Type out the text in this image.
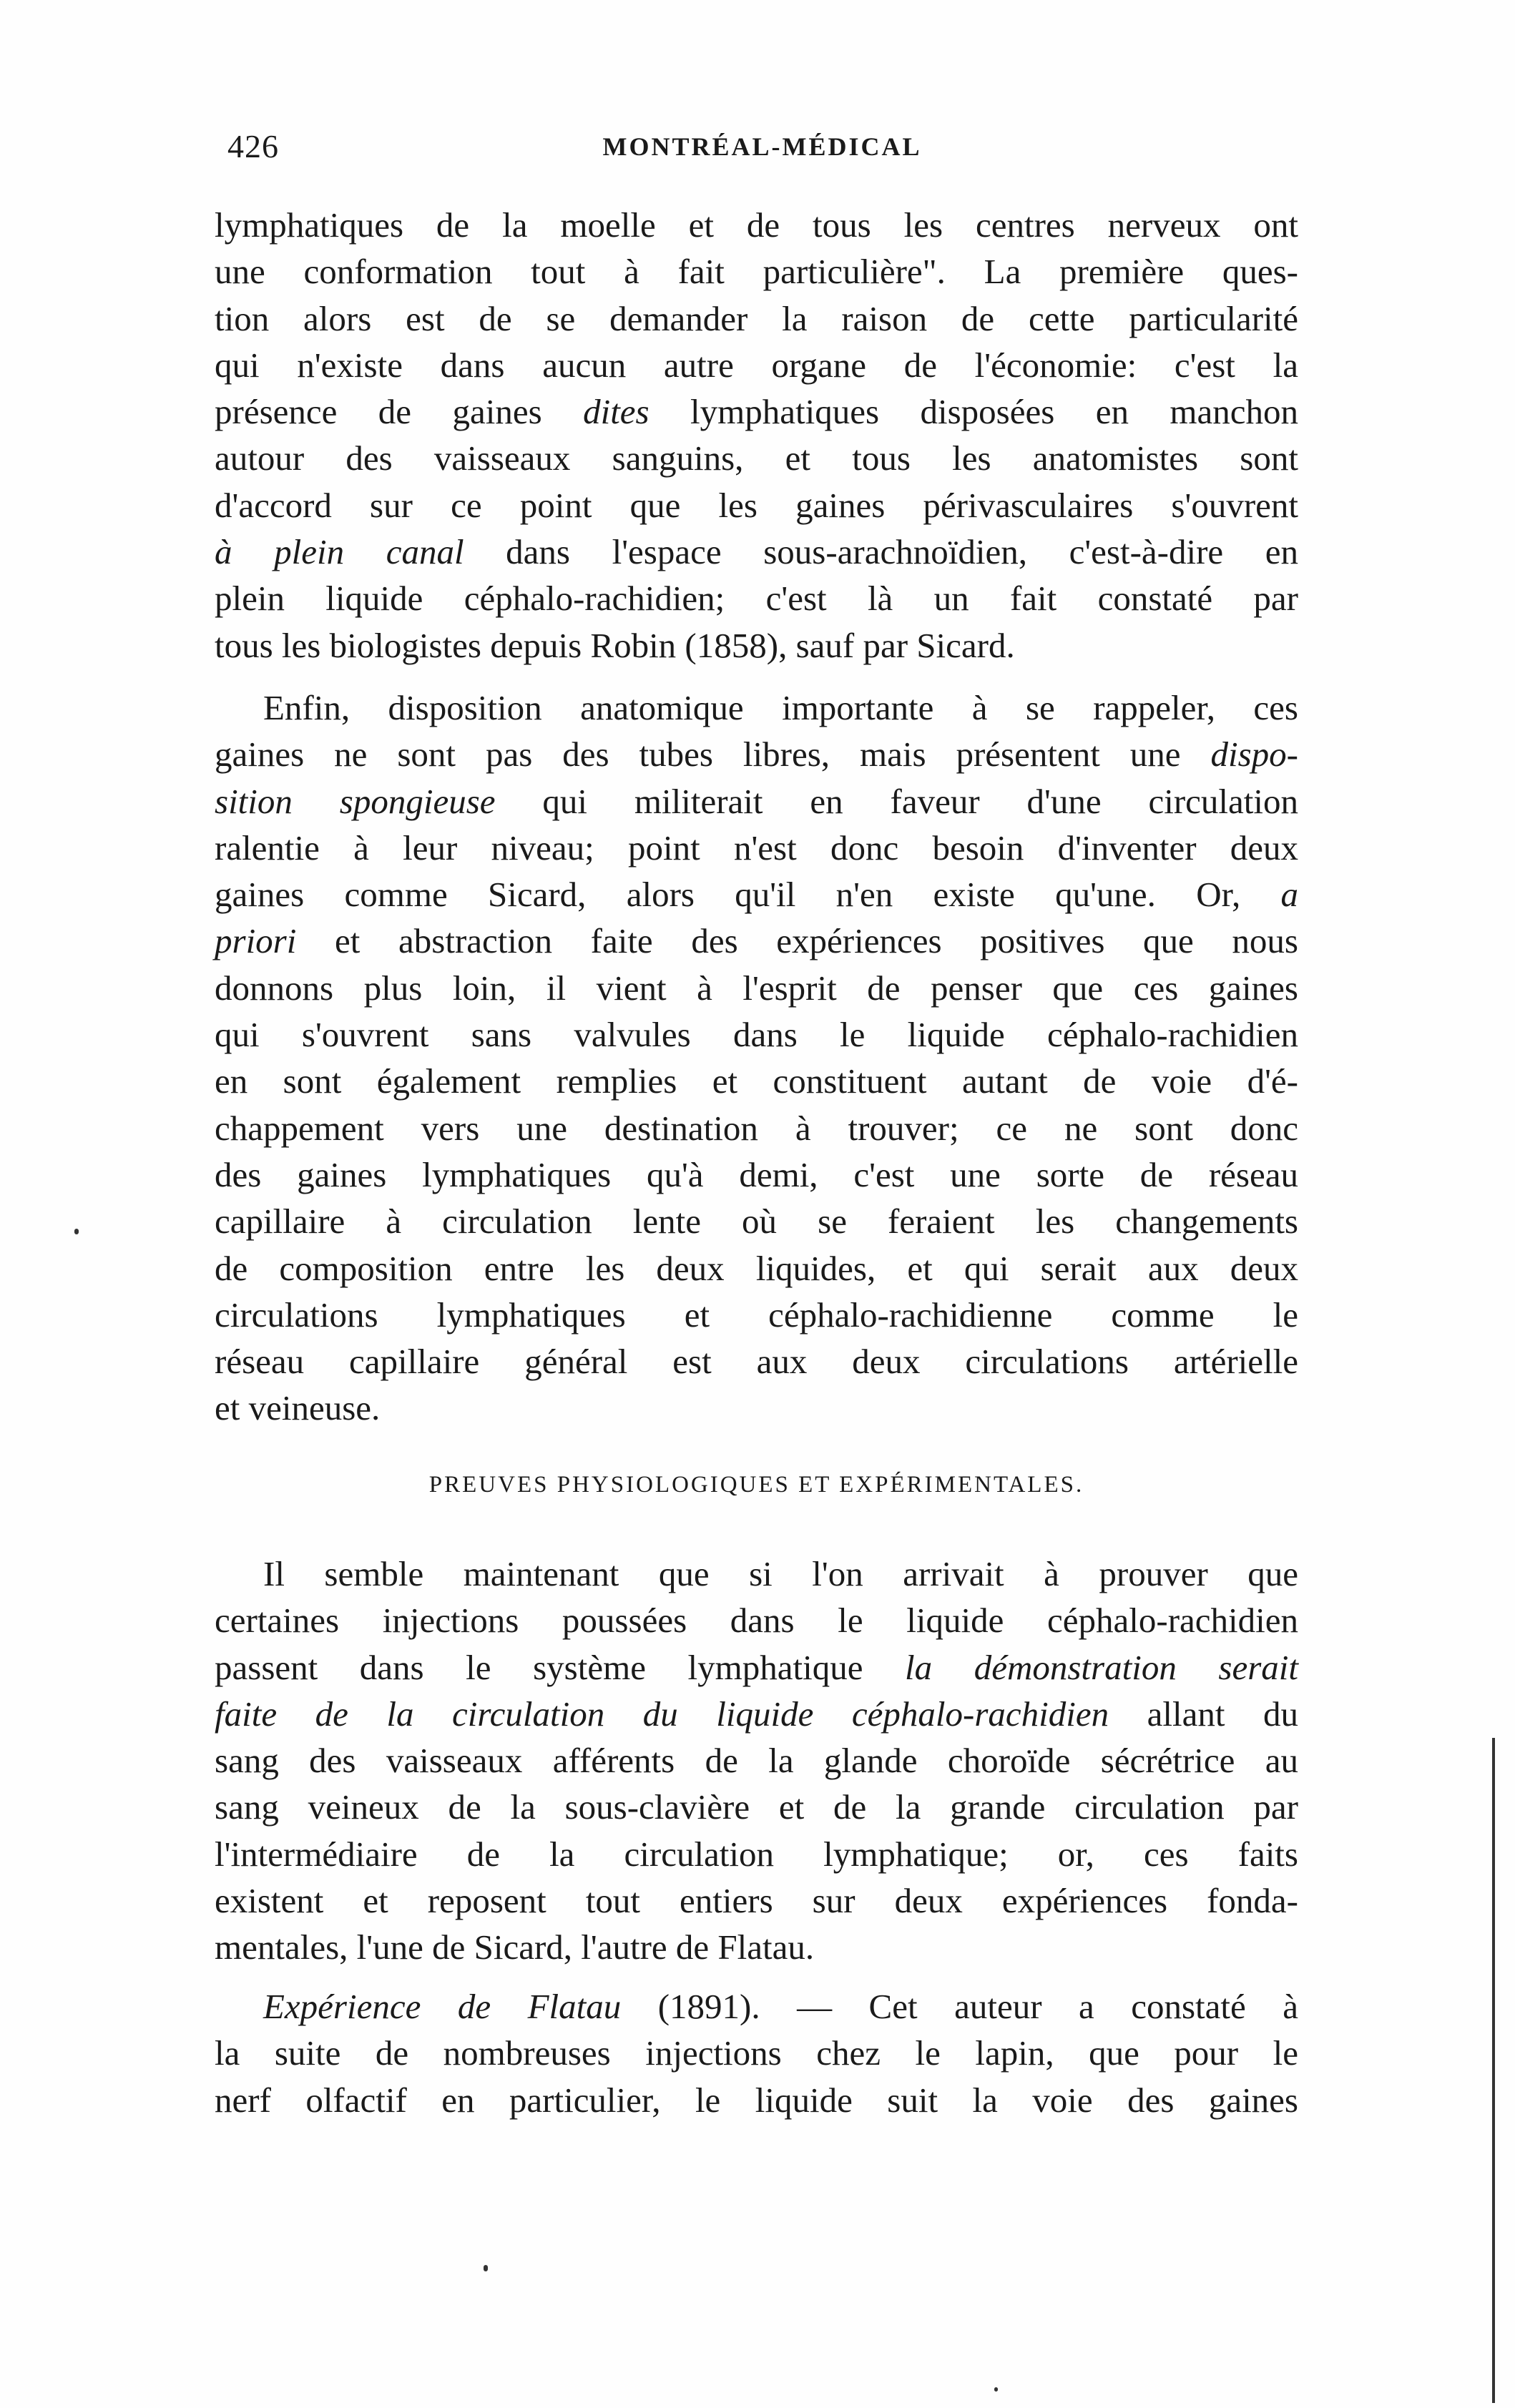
426	MONTRÉAL-MÉDICAL
lymphatiques de la moelle et de tous les centres nerveux ont
une conformation tout à fait particulière". La première ques-
tion alors est de se demander la raison de cette particularité
qui n'existe dans aucun autre organe de l'économie: c'est la
présence de gaines dites lymphatiques disposées en manchon
autour des vaisseaux sanguins, et tous les anatomistes sont
d'accord sur ce point que les gaines périvasculaires s'ouvrent
à plein canal dans l'espace sous-arachnoïdien, c'est-à-dire en
plein liquide céphalo-rachidien; c'est là un fait constaté par
tous les biologistes depuis Robin (1858), sauf par Sicard.
Enfin, disposition anatomique importante à se rappeler, ces
gaines ne sont pas des tubes libres, mais présentent une dispo-
sition spongieuse qui militerait en faveur d'une circulation
ralentie à leur niveau; point n'est donc besoin d'inventer deux
gaines comme Sicard, alors qu'il n'en existe qu'une. Or, a
priori et abstraction faite des expériences positives que nous
donnons plus loin, il vient à l'esprit de penser que ces gaines
qui s'ouvrent sans valvules dans le liquide céphalo-rachidien
en sont également remplies et constituent autant de voie d'é-
chappement vers une destination à trouver; ce ne sont donc
des gaines lymphatiques qu'à demi, c'est une sorte de réseau
capillaire à circulation lente où se feraient les changements
de composition entre les deux liquides, et qui serait aux deux
circulations lymphatiques et céphalo-rachidienne comme le
réseau capillaire général est aux deux circulations artérielle
et veineuse.
PREUVES PHYSIOLOGIQUES ET EXPÉRIMENTALES.
Il semble maintenant que si l'on arrivait à prouver que
certaines injections poussées dans le liquide céphalo-rachidien
passent dans le système lymphatique la démonstration serait
faite de la circulation du liquide céphalo-rachidien allant du
sang des vaisseaux afférents de la glande choroïde sécrétrice au
sang veineux de la sous-clavière et de la grande circulation par
l'intermédiaire de la circulation lymphatique; or, ces faits
existent et reposent tout entiers sur deux expériences fonda-
mentales, l'une de Sicard, l'autre de Flatau.
Expérience de Flatau (1891). — Cet auteur a constaté à
la suite de nombreuses injections chez le lapin, que pour le
nerf olfactif en particulier, le liquide suit la voie des gaines
